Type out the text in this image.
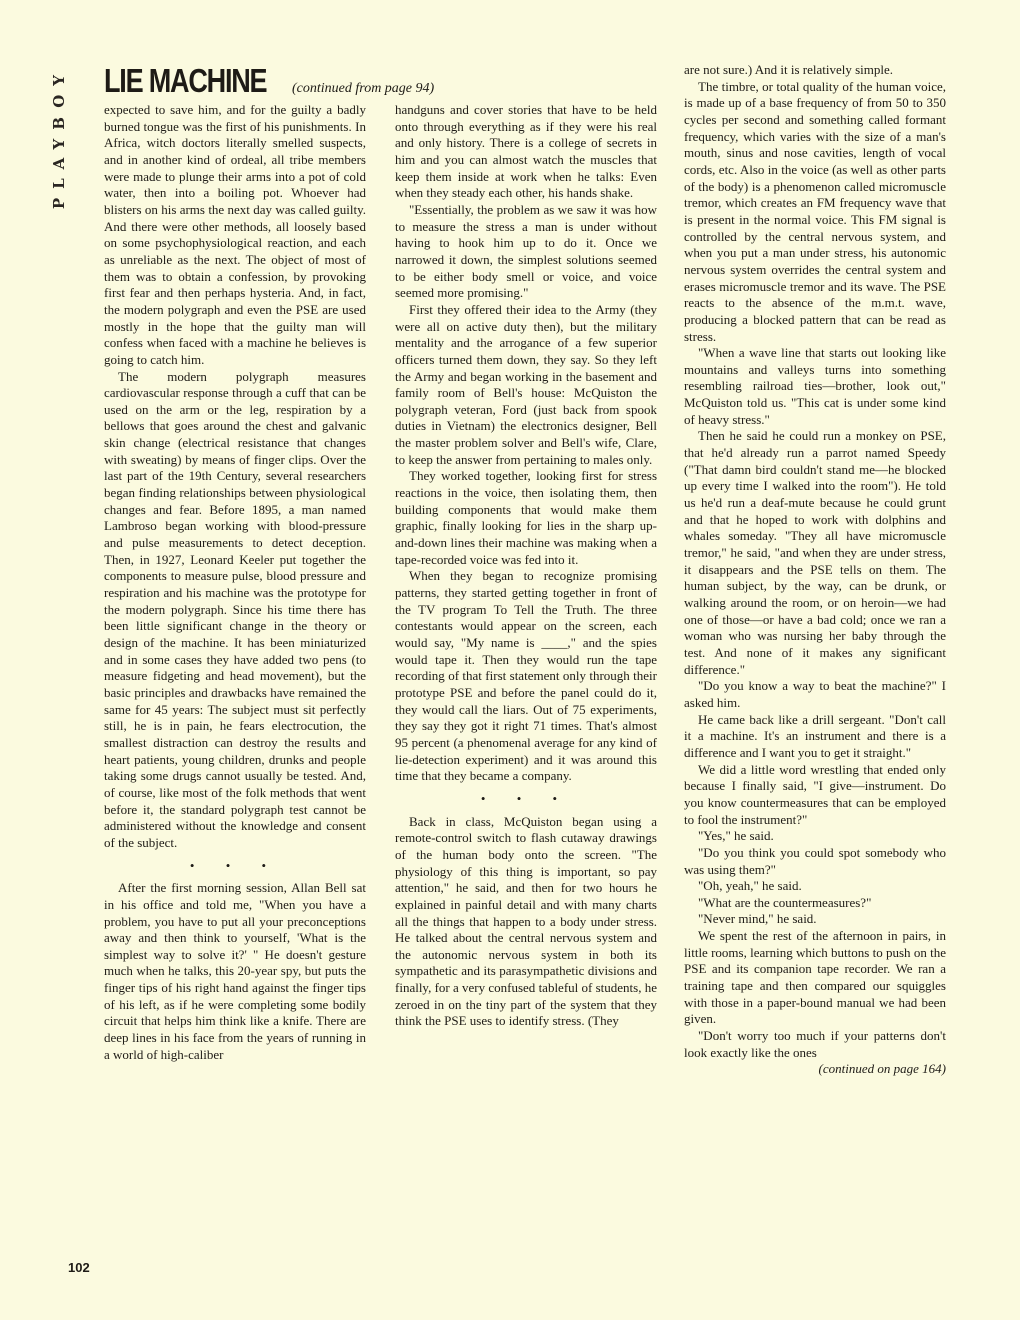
PLAYBOY LIE MACHINE (continued from page 94)

expected to save him, and for the guilty a badly burned tongue was the first of his punishments. In Africa, witch doctors literally smelled suspects, and in another kind of ordeal, all tribe members were made to plunge their arms into a pot of cold water, then into a boiling pot. Whoever had blisters on his arms the next day was called guilty. And there were other methods, all loosely based on some psychophysiological reaction, and each as unreliable as the next. The object of most of them was to obtain a confession, by provoking first fear and then perhaps hysteria. And, in fact, the modern polygraph and even the PSE are used mostly in the hope that the guilty man will confess when faced with a machine he believes is going to catch him.

The modern polygraph measures cardiovascular response through a cuff that can be used on the arm or the leg, respiration by a bellows that goes around the chest and galvanic skin change (electrical resistance that changes with sweating) by means of finger clips. Over the last part of the 19th Century, several researchers began finding relationships between physiological changes and fear. Before 1895, a man named Lambroso began working with blood-pressure and pulse measurements to detect deception. Then, in 1927, Leonard Keeler put together the components to measure pulse, blood pressure and respiration and his machine was the prototype for the modern polygraph. Since his time there has been little significant change in the theory or design of the machine. It has been miniaturized and in some cases they have added two pens (to measure fidgeting and head movement), but the basic principles and drawbacks have remained the same for 45 years: The subject must sit perfectly still, he is in pain, he fears electrocution, the smallest distraction can destroy the results and heart patients, young children, drunks and people taking some drugs cannot usually be tested. And, of course, like most of the folk methods that went before it, the standard polygraph test cannot be administered without the knowledge and consent of the subject.

• • •

After the first morning session, Allan Bell sat in his office and told me, "When you have a problem, you have to put all your preconceptions away and then think to yourself, 'What is the simplest way to solve it?' " He doesn't gesture much when he talks, this 20-year spy, but puts the finger tips of his right hand against the finger tips of his left, as if he were completing some bodily circuit that helps him think like a knife. There are deep lines in his face from the years of running in a world of high-caliber

handguns and cover stories that have to be held onto through everything as if they were his real and only history. There is a college of secrets in him and you can almost watch the muscles that keep them inside at work when he talks: Even when they steady each other, his hands shake.

"Essentially, the problem as we saw it was how to measure the stress a man is under without having to hook him up to do it. Once we narrowed it down, the simplest solutions seemed to be either body smell or voice, and voice seemed more promising."

First they offered their idea to the Army (they were all on active duty then), but the military mentality and the arrogance of a few superior officers turned them down, they say. So they left the Army and began working in the basement and family room of Bell's house: McQuiston the polygraph veteran, Ford (just back from spook duties in Vietnam) the electronics designer, Bell the master problem solver and Bell's wife, Clare, to keep the answer from pertaining to males only.

They worked together, looking first for stress reactions in the voice, then isolating them, then building components that would make them graphic, finally looking for lies in the sharp up-and-down lines their machine was making when a tape-recorded voice was fed into it.

When they began to recognize promising patterns, they started getting together in front of the TV program To Tell the Truth. The three contestants would appear on the screen, each would say, "My name is ____," and the spies would tape it. Then they would run the tape recording of that first statement only through their prototype PSE and before the panel could do it, they would call the liars. Out of 75 experiments, they say they got it right 71 times. That's almost 95 percent (a phenomenal average for any kind of lie-detection experiment) and it was around this time that they became a company.

• • •

Back in class, McQuiston began using a remote-control switch to flash cutaway drawings of the human body onto the screen. "The physiology of this thing is important, so pay attention," he said, and then for two hours he explained in painful detail and with many charts all the things that happen to a body under stress. He talked about the central nervous system and the autonomic nervous system in both its sympathetic and its parasympathetic divisions and finally, for a very confused tableful of students, he zeroed in on the tiny part of the system that they think the PSE uses to identify stress. (They

are not sure.) And it is relatively simple.

The timbre, or total quality of the human voice, is made up of a base frequency of from 50 to 350 cycles per second and something called formant frequency, which varies with the size of a man's mouth, sinus and nose cavities, length of vocal cords, etc. Also in the voice (as well as other parts of the body) is a phenomenon called micromuscle tremor, which creates an FM frequency wave that is present in the normal voice. This FM signal is controlled by the central nervous system, and when you put a man under stress, his autonomic nervous system overrides the central system and erases micromuscle tremor and its wave. The PSE reacts to the absence of the m.m.t. wave, producing a blocked pattern that can be read as stress.

"When a wave line that starts out looking like mountains and valleys turns into something resembling railroad ties—brother, look out," McQuiston told us. "This cat is under some kind of heavy stress."

Then he said he could run a monkey on PSE, that he'd already run a parrot named Speedy ("That damn bird couldn't stand me—he blocked up every time I walked into the room"). He told us he'd run a deaf-mute because he could grunt and that he hoped to work with dolphins and whales someday. "They all have micromuscle tremor," he said, "and when they are under stress, it disappears and the PSE tells on them. The human subject, by the way, can be drunk, or walking around the room, or on heroin—we had one of those—or have a bad cold; once we ran a woman who was nursing her baby through the test. And none of it makes any significant difference."

"Do you know a way to beat the machine?" I asked him.

He came back like a drill sergeant. "Don't call it a machine. It's an instrument and there is a difference and I want you to get it straight."

We did a little word wrestling that ended only because I finally said, "I give—instrument. Do you know countermeasures that can be employed to fool the instrument?"

"Yes," he said.

"Do you think you could spot somebody who was using them?"

"Oh, yeah," he said.

"What are the countermeasures?"

"Never mind," he said.

We spent the rest of the afternoon in pairs, in little rooms, learning which buttons to push on the PSE and its companion tape recorder. We ran a training tape and then compared our squiggles with those in a paper-bound manual we had been given.

"Don't worry too much if your patterns don't look exactly like the ones

(continued on page 164)

102
